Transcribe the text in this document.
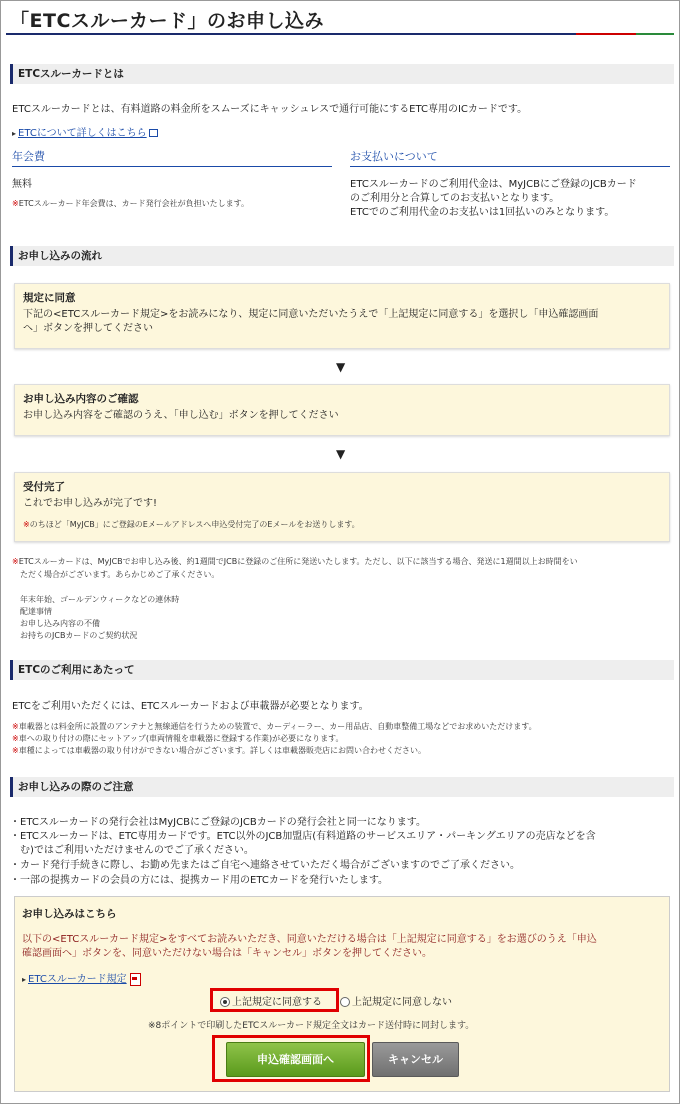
「ETCスルーカード」のお申し込み
ETCスルーカードとは
ETCスルーカードとは、有料道路の料金所をスムーズにキャッシュレスで通行可能にするETC専用のICカードです。
▸ ETCについて詳しくはこちら
年会費
無料
※ETCスルーカード年会費は、カード発行会社が負担いたします。
お支払いについて
ETCスルーカードのご利用代金は、MyJCBにご登録のJCBカード
のご利用分と合算してのお支払いとなります。
ETCでのご利用代金のお支払いは1回払いのみとなります。
お申し込みの流れ
規定に同意
下記の<ETCスルーカード規定>をお読みになり、規定に同意いただいたうえで「上記規定に同意する」を選択し「申込確認画面
へ」ボタンを押してください
▼
お申し込み内容のご確認
お申し込み内容をご確認のうえ、「申し込む」ボタンを押してください
▼
受付完了
これでお申し込みが完了です!
※のちほど「MyJCB」にご登録のEメールアドレスへ申込受付完了のEメールをお送りします。
※ETCスルーカードは、MyJCBでお申し込み後、約1週間でJCBに登録のご住所に発送いたします。ただし、以下に該当する場合、発送に1週間以上お時間をい
ただく場合がございます。あらかじめご了承ください。
年末年始、ゴールデンウィークなどの連休時
配達事情
お申し込み内容の不備
お持ちのJCBカードのご契約状況
ETCのご利用にあたって
ETCをご利用いただくには、ETCスルーカードおよび車載器が必要となります。
※車載器とは料金所に設置のアンテナと無線通信を行うための装置で、カーディーラー、カー用品店、自動車整備工場などでお求めいただけます。
※車への取り付けの際にセットアップ(車両情報を車載器に登録する作業)が必要になります。
※車種によっては車載器の取り付けができない場合がございます。詳しくは車載器販売店にお問い合わせください。
お申し込みの際のご注意
・ETCスルーカードの発行会社はMyJCBにご登録のJCBカードの発行会社と同一になります。
・ETCスルーカードは、ETC専用カードです。ETC以外のJCB加盟店(有料道路のサービスエリア・パーキングエリアの売店などを含
　む)ではご利用いただけませんのでご了承ください。
・カード発行手続きに際し、お勤め先またはご自宅へ連絡させていただく場合がございますのでご了承ください。
・一部の提携カードの会員の方には、提携カード用のETCカードを発行いたします。
お申し込みはこちら
以下の<ETCスルーカード規定>をすべてお読みいただき、同意いただける場合は「上記規定に同意する」をお選びのうえ「申込
確認画面へ」ボタンを、同意いただけない場合は「キャンセル」ボタンを押してください。
▸ ETCスルーカード規定
上記規定に同意する	上記規定に同意しない
※8ポイントで印刷したETCスルーカード規定全文はカード送付時に同封します。
申込確認画面へ	キャンセル
